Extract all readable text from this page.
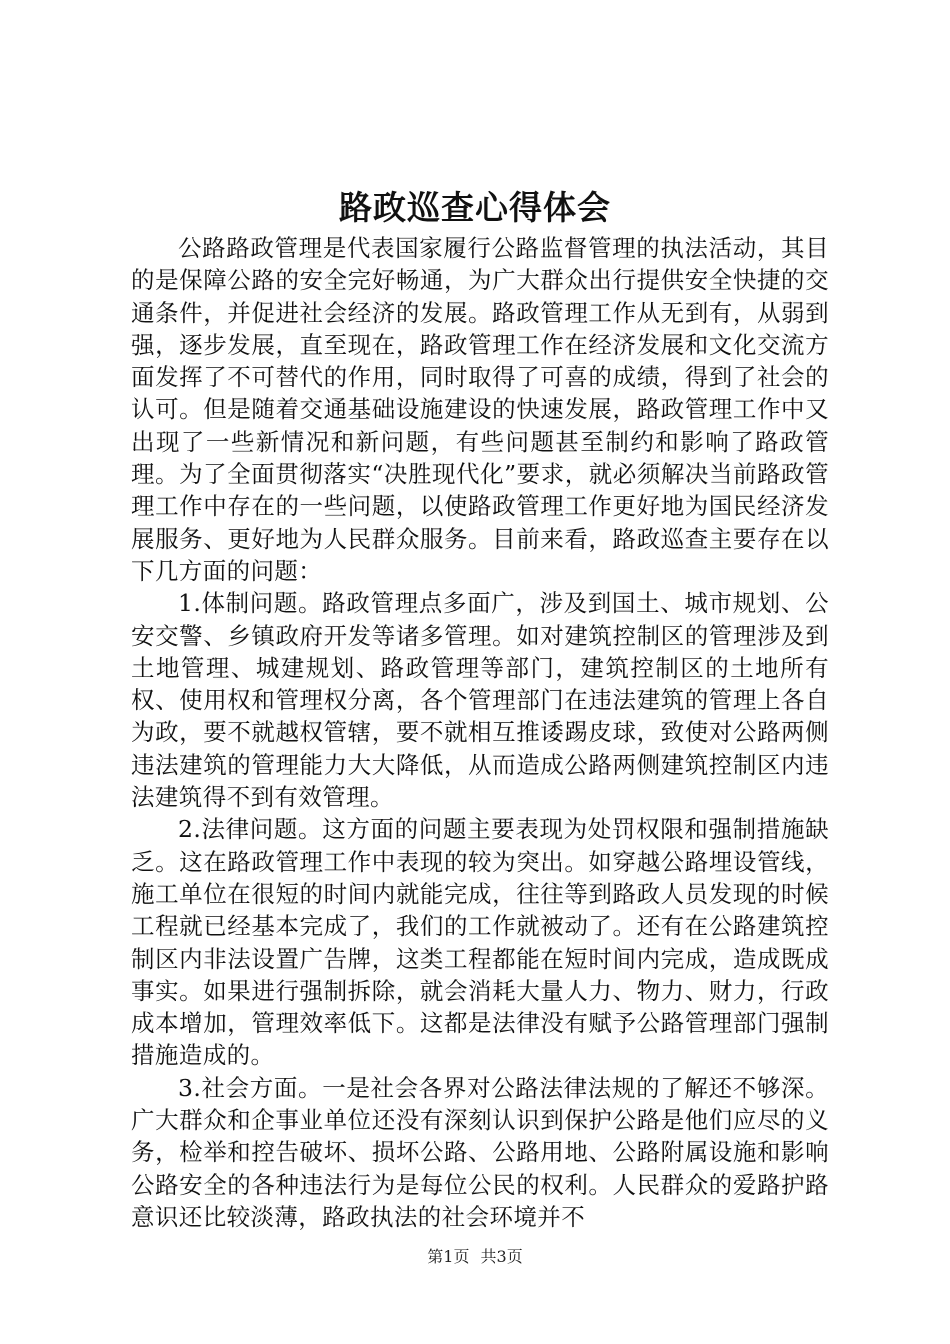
路政巡查心得体会

公路路政管理是代表国家履行公路监督管理的执法活动，其目的是保障公路的安全完好畅通，为广大群众出行提供安全快捷的交通条件，并促进社会经济的发展。路政管理工作从无到有，从弱到强，逐步发展，直至现在，路政管理工作在经济发展和文化交流方面发挥了不可替代的作用，同时取得了可喜的成绩，得到了社会的认可。但是随着交通基础设施建设的快速发展，路政管理工作中又出现了一些新情况和新问题，有些问题甚至制约和影响了路政管理。为了全面贯彻落实“决胜现代化”要求，就必须解决当前路政管理工作中存在的一些问题，以使路政管理工作更好地为国民经济发展服务、更好地为人民群众服务。目前来看，路政巡查主要存在以下几方面的问题：

1.体制问题。路政管理点多面广，涉及到国土、城市规划、公安交警、乡镇政府开发等诸多管理。如对建筑控制区的管理涉及到土地管理、城建规划、路政管理等部门，建筑控制区的土地所有权、使用权和管理权分离，各个管理部门在违法建筑的管理上各自为政，要不就越权管辖，要不就相互推诿踢皮球，致使对公路两侧违法建筑的管理能力大大降低，从而造成公路两侧建筑控制区内违法建筑得不到有效管理。

2.法律问题。这方面的问题主要表现为处罚权限和强制措施缺乏。这在路政管理工作中表现的较为突出。如穿越公路埋设管线，施工单位在很短的时间内就能完成，往往等到路政人员发现的时候工程就已经基本完成了，我们的工作就被动了。还有在公路建筑控制区内非法设置广告牌，这类工程都能在短时间内完成，造成既成事实。如果进行强制拆除，就会消耗大量人力、物力、财力，行政成本增加，管理效率低下。这都是法律没有赋予公路管理部门强制措施造成的。

3.社会方面。一是社会各界对公路法律法规的了解还不够深。广大群众和企事业单位还没有深刻认识到保护公路是他们应尽的义务，检举和控告破坏、损坏公路、公路用地、公路附属设施和影响公路安全的各种违法行为是每位公民的权利。人民群众的爱路护路意识还比较淡薄，路政执法的社会环境并不

第1页 共3页
